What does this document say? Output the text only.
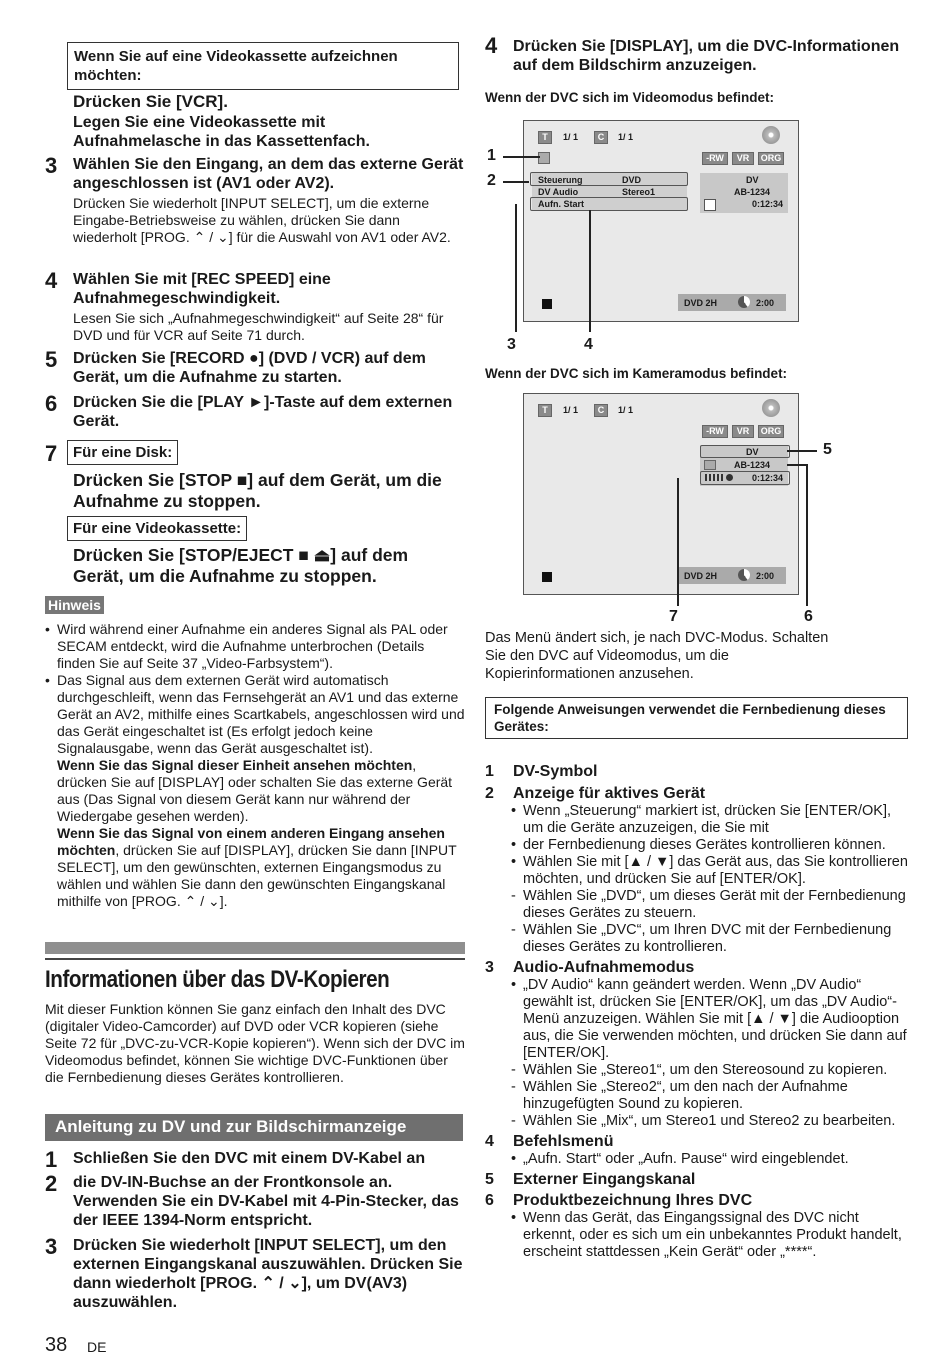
Wenn Sie auf eine Videokassette aufzeichnen möchten:
Drücken Sie [VCR].
Legen Sie eine Videokassette mit Aufnahmelasche in das Kassettenfach.
3 Wählen Sie den Eingang, an dem das externe Gerät angeschlossen ist (AV1 oder AV2).
Drücken Sie wiederholt [INPUT SELECT], um die externe Eingabe-Betriebsweise zu wählen, drücken Sie dann wiederholt [PROG. ⌃ / ⌄] für die Auswahl von AV1 oder AV2.
4 Wählen Sie mit [REC SPEED] eine Aufnahmegeschwindigkeit.
Lesen Sie sich „Aufnahmegeschwindigkeit“ auf Seite 28“ für DVD und für VCR auf Seite 71 durch.
5 Drücken Sie [RECORD ●] (DVD / VCR) auf dem Gerät, um die Aufnahme zu starten.
6 Drücken Sie die [PLAY ►]-Taste auf dem externen Gerät.
7	Für eine Disk:
Drücken Sie [STOP ■] auf dem Gerät, um die Aufnahme zu stoppen.
Für eine Videokassette:
Drücken Sie [STOP/EJECT ■ ⏏] auf dem Gerät, um die Aufnahme zu stoppen.
Hinweis
• Wird während einer Aufnahme ein anderes Signal als PAL oder SECAM entdeckt, wird die Aufnahme unterbrochen (Details finden Sie auf Seite 37 „Video-Farbsystem“).
• Das Signal aus dem externen Gerät wird automatisch durchgeschleift, wenn das Fernsehgerät an AV1 und das externe Gerät an AV2, mithilfe eines Scartkabels, angeschlossen wird und das Gerät eingeschaltet ist (Es erfolgt jedoch keine Signalausgabe, wenn das Gerät ausgeschaltet ist).
Wenn Sie das Signal dieser Einheit ansehen möchten, drücken Sie auf [DISPLAY] oder schalten Sie das externe Gerät aus (Das Signal von diesem Gerät kann nur während der Wiedergabe gesehen werden).
Wenn Sie das Signal von einem anderen Eingang ansehen möchten, drücken Sie auf [DISPLAY], drücken Sie dann [INPUT SELECT], um den gewünschten, externen Eingangsmodus zu wählen und wählen Sie dann den gewünschten Eingangskanal mithilfe von [PROG. ⌃ / ⌄].
Informationen über das DV-Kopieren
Mit dieser Funktion können Sie ganz einfach den Inhalt des DVC (digitaler Video-Camcorder) auf DVD oder VCR kopieren (siehe Seite 72 für „DVC-zu-VCR-Kopie kopieren“). Wenn sich der DVC im Videomodus befindet, können Sie wichtige DVC-Funktionen über die Fernbedienung dieses Gerätes kontrollieren.
Anleitung zu DV und zur Bildschirmanzeige
1 Schließen Sie den DVC mit einem DV-Kabel an
2 die DV-IN-Buchse an der Frontkonsole an. Verwenden Sie ein DV-Kabel mit 4-Pin-Stecker, das der IEEE 1394-Norm entspricht.
3 Drücken Sie wiederholt [INPUT SELECT], um den externen Eingangskanal auszuwählen. Drücken Sie dann wiederholt [PROG. ⌃ / ⌄], um DV(AV3) auszuwählen.
38 DE
4 Drücken Sie [DISPLAY], um die DVC-Informationen auf dem Bildschirm anzuzeigen.
Wenn der DVC sich im Videomodus befindet:
T	1/ 1	C	1/ 1
-RW	VR	ORG
Steuerung	DVD
DV Audio	Stereo1
Aufn. Start
DV
AB-1234
0:12:34
DVD 2H	2:00
1
2
3	4
Wenn der DVC sich im Kameramodus befindet:
T	1/ 1	C	1/ 1
-RW	VR	ORG
DV
AB-1234
0:12:34
DVD 2H	2:00
5
7	6
Das Menü ändert sich, je nach DVC-Modus. Schalten Sie den DVC auf Videomodus, um die Kopierinformationen anzusehen.
Folgende Anweisungen verwendet die Fernbedienung dieses Gerätes:
1 DV-Symbol
2 Anzeige für aktives Gerät
• Wenn „Steuerung“ markiert ist, drücken Sie [ENTER/OK], um die Geräte anzuzeigen, die Sie mit
• der Fernbedienung dieses Gerätes kontrollieren können.
• Wählen Sie mit [▲ / ▼] das Gerät aus, das Sie kontrollieren möchten, und drücken Sie auf [ENTER/OK].
- Wählen Sie „DVD“, um dieses Gerät mit der Fernbedienung dieses Gerätes zu steuern.
- Wählen Sie „DVC“, um Ihren DVC mit der Fernbedienung dieses Gerätes zu kontrollieren.
3 Audio-Aufnahmemodus
• „DV Audio“ kann geändert werden. Wenn „DV Audio“ gewählt ist, drücken Sie [ENTER/OK], um das „DV Audio“-Menü anzuzeigen. Wählen Sie mit [▲ / ▼] die Audiooption aus, die Sie verwenden möchten, und drücken Sie dann auf [ENTER/OK].
- Wählen Sie „Stereo1“, um den Stereosound zu kopieren.
- Wählen Sie „Stereo2“, um den nach der Aufnahme hinzugefügten Sound zu kopieren.
- Wählen Sie „Mix“, um Stereo1 und Stereo2 zu bearbeiten.
4 Befehlsmenü
• „Aufn. Start“ oder „Aufn. Pause“ wird eingeblendet.
5 Externer Eingangskanal
6 Produktbezeichnung Ihres DVC
• Wenn das Gerät, das Eingangssignal des DVC nicht erkennt, oder es sich um ein unbekanntes Produkt handelt, erscheint stattdessen „Kein Gerät“ oder „****“.
